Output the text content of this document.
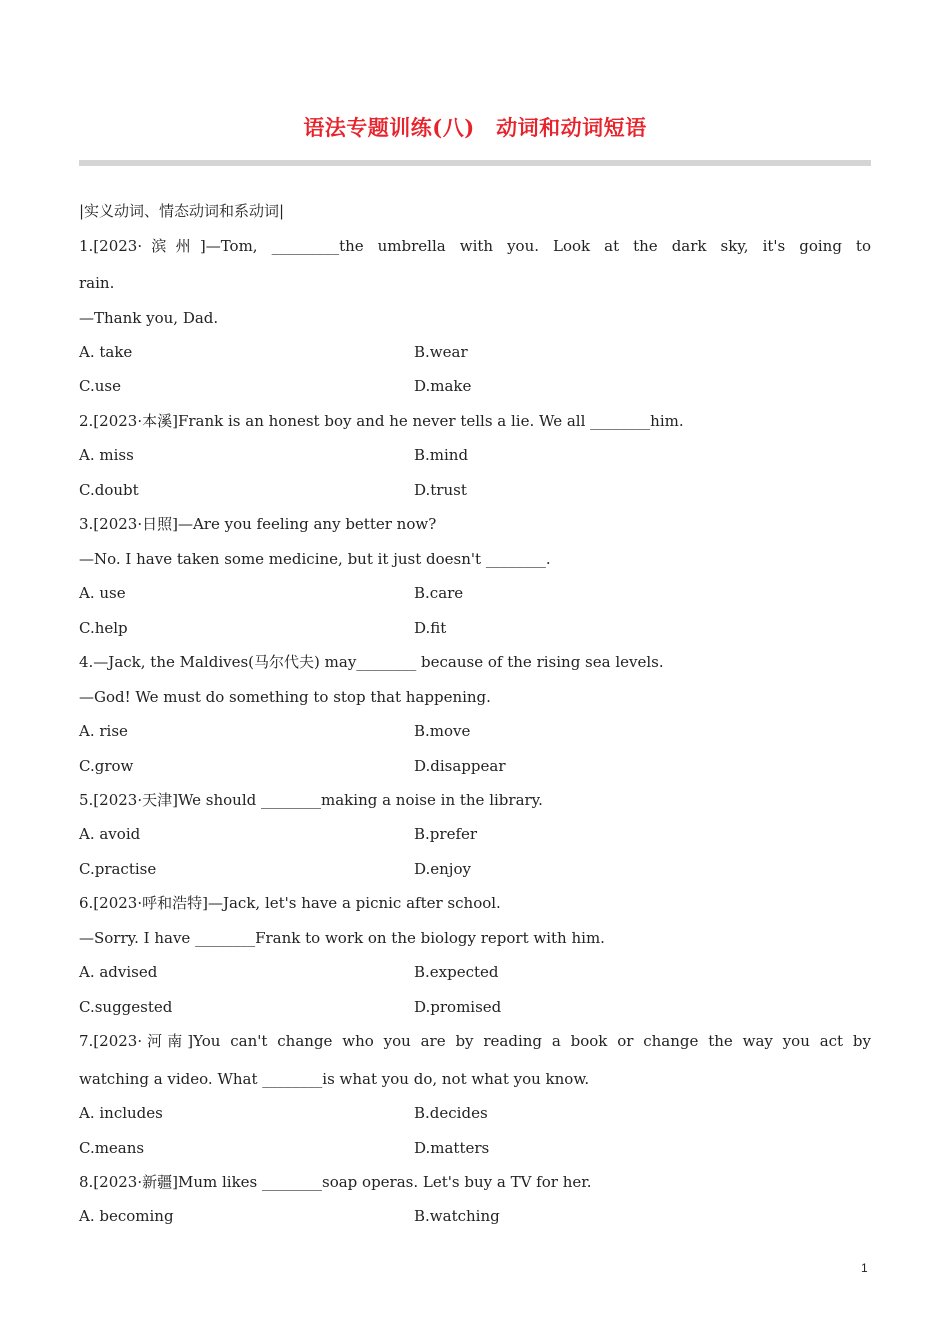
语法专题训练(八)　动词和动词短语
|实义动词、情态动词和系动词|
1.[2023·滨州]—Tom, _________the umbrella with you. Look at the dark sky, it's going to
rain.
—Thank you, Dad.
A. take	B.wear
C.use	D.make
2.[2023·本溪]Frank is an honest boy and he never tells a lie. We all ________him.
A. miss	B.mind
C.doubt	D.trust
3.[2023·日照]—Are you feeling any better now?
—No. I have taken some medicine, but it just doesn't ________.
A. use	B.care
C.help	D.fit
4.—Jack, the Maldives(马尔代夫) may________ because of the rising sea levels.
—God! We must do something to stop that happening.
A. rise	B.move
C.grow	D.disappear
5.[2023·天津]We should ________making a noise in the library.
A. avoid	B.prefer
C.practise	D.enjoy
6.[2023·呼和浩特]—Jack, let's have a picnic after school.
—Sorry. I have ________Frank to work on the biology report with him.
A. advised	B.expected
C.suggested	D.promised
7.[2023·河南]You can't change who you are by reading a book or change the way you act by
watching a video. What ________is what you do, not what you know.
A. includes	B.decides
C.means	D.matters
8.[2023·新疆]Mum likes ________soap operas. Let's buy a TV for her.
A. becoming	B.watching
1
